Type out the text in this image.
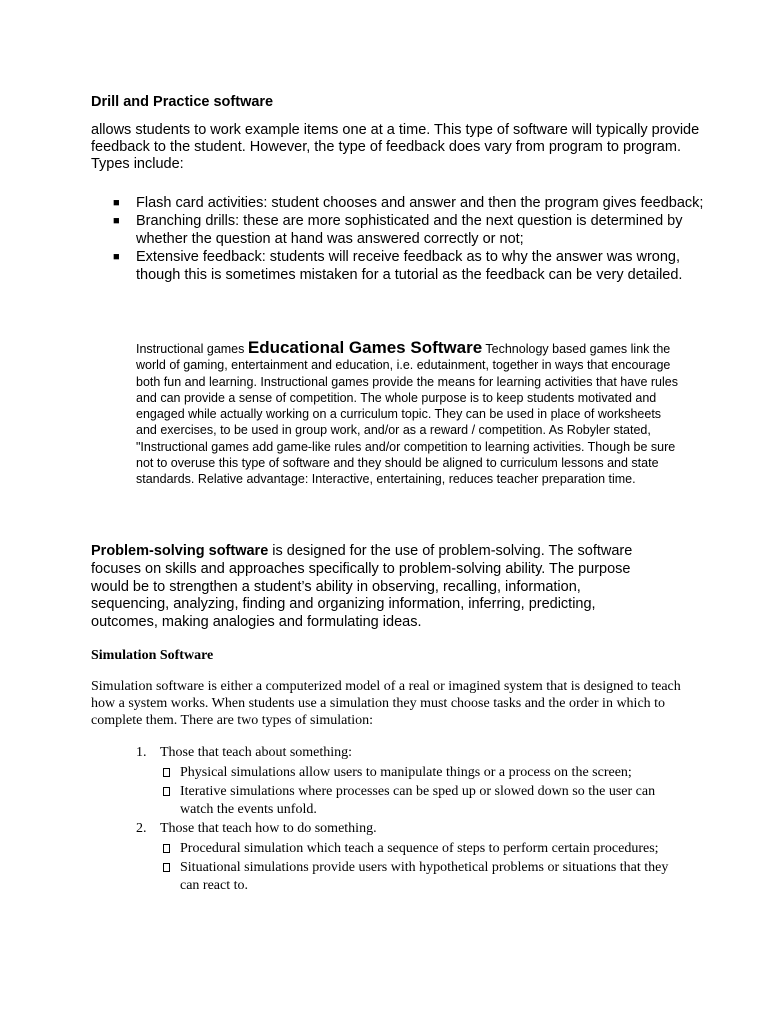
Drill and Practice software

allows students to work example items one at a time. This type of software will typically provide feedback to the student. However, the type of feedback does vary from program to program. Types include:

■ Flash card activities: student chooses and answer and then the program gives feedback;
■ Branching drills: these are more sophisticated and the next question is determined by whether the question at hand was answered correctly or not;
■ Extensive feedback: students will receive feedback as to why the answer was wrong, though this is sometimes mistaken for a tutorial as the feedback can be very detailed.

Instructional games Educational Games Software Technology based games link the world of gaming, entertainment and education, i.e. edutainment, together in ways that encourage both fun and learning. Instructional games provide the means for learning activities that have rules and can provide a sense of competition. The whole purpose is to keep students motivated and engaged while actually working on a curriculum topic. They can be used in place of worksheets and exercises, to be used in group work, and/or as a reward / competition. As Robyler stated, "Instructional games add game-like rules and/or competition to learning activities. Though be sure not to overuse this type of software and they should be aligned to curriculum lessons and state standards. Relative advantage: Interactive, entertaining, reduces teacher preparation time.

Problem-solving software is designed for the use of problem-solving. The software focuses on skills and approaches specifically to problem-solving ability. The purpose would be to strengthen a student’s ability in observing, recalling, information, sequencing, analyzing, finding and organizing information, inferring, predicting, outcomes, making analogies and formulating ideas.

Simulation Software

Simulation software is either a computerized model of a real or imagined system that is designed to teach how a system works. When students use a simulation they must choose tasks and the order in which to complete them. There are two types of simulation:

1. Those that teach about something:
Physical simulations allow users to manipulate things or a process on the screen;
Iterative simulations where processes can be sped up or slowed down so the user can watch the events unfold.
2. Those that teach how to do something.
Procedural simulation which teach a sequence of steps to perform certain procedures;
Situational simulations provide users with hypothetical problems or situations that they can react to.
